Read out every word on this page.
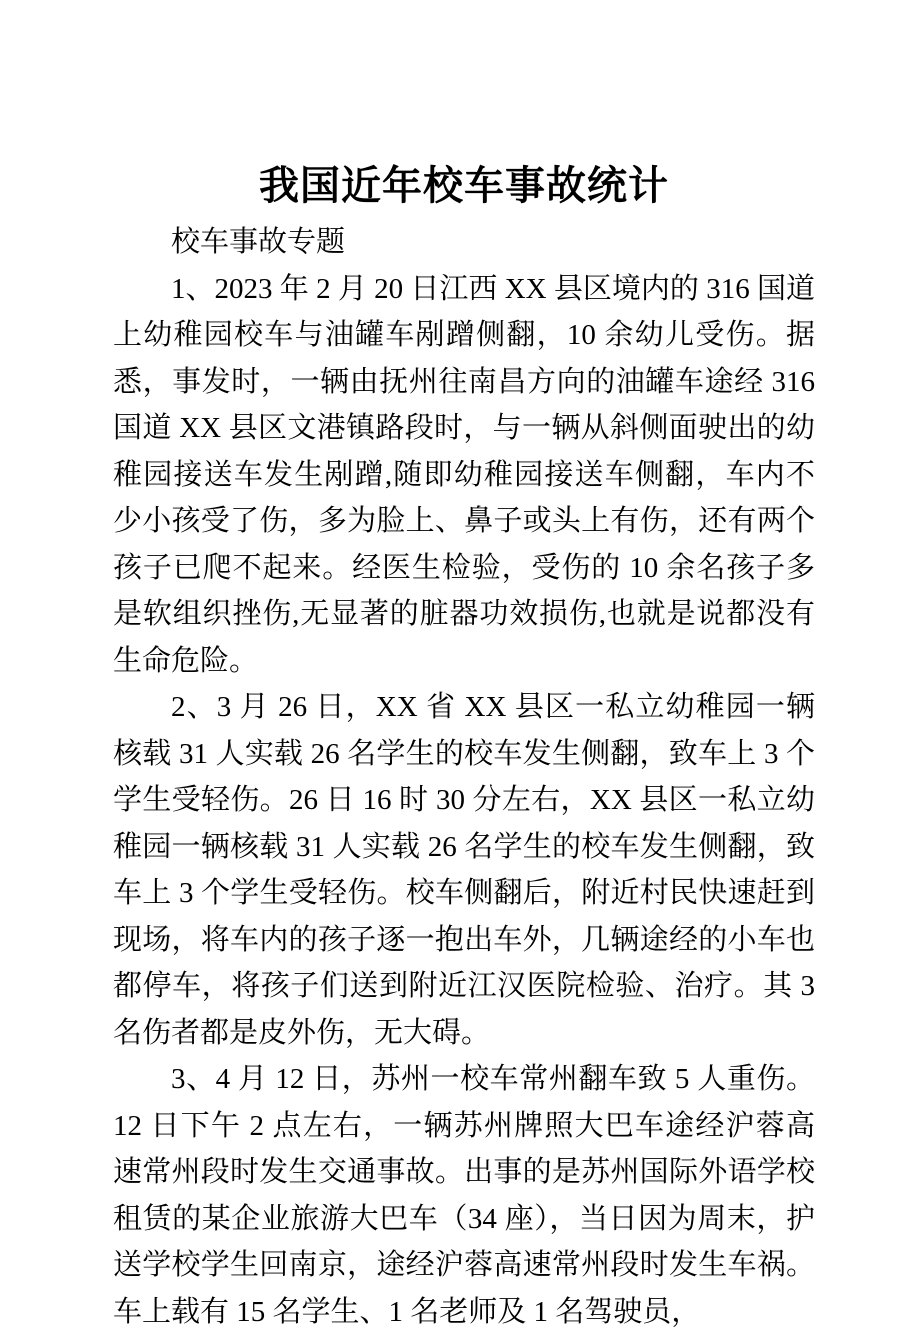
我国近年校车事故统计

校车事故专题

1、2023 年 2 月 20 日江西 XX 县区境内的 316 国道上幼稚园校车与油罐车剐蹭侧翻，10 余幼儿受伤。据悉，事发时，一辆由抚州往南昌方向的油罐车途经 316 国道 XX 县区文港镇路段时，与一辆从斜侧面驶出的幼稚园接送车发生剐蹭,随即幼稚园接送车侧翻，车内不少小孩受了伤，多为脸上、鼻子或头上有伤，还有两个孩子已爬不起来。经医生检验，受伤的 10 余名孩子多是软组织挫伤,无显著的脏器功效损伤,也就是说都没有生命危险。

2、3 月 26 日，XX 省 XX 县区一私立幼稚园一辆核载 31 人实载 26 名学生的校车发生侧翻，致车上 3 个学生受轻伤。26 日 16 时 30 分左右，XX 县区一私立幼稚园一辆核载 31 人实载 26 名学生的校车发生侧翻，致车上 3 个学生受轻伤。校车侧翻后，附近村民快速赶到现场，将车内的孩子逐一抱出车外，几辆途经的小车也都停车，将孩子们送到附近江汉医院检验、治疗。其 3 名伤者都是皮外伤，无大碍。

3、4 月 12 日，苏州一校车常州翻车致 5 人重伤。12 日下午 2 点左右，一辆苏州牌照大巴车途经沪蓉高速常州段时发生交通事故。出事的是苏州国际外语学校租赁的某企业旅游大巴车（34 座），当日因为周末，护送学校学生回南京，途经沪蓉高速常州段时发生车祸。车上载有 15 名学生、1 名老师及 1 名驾驶员，
